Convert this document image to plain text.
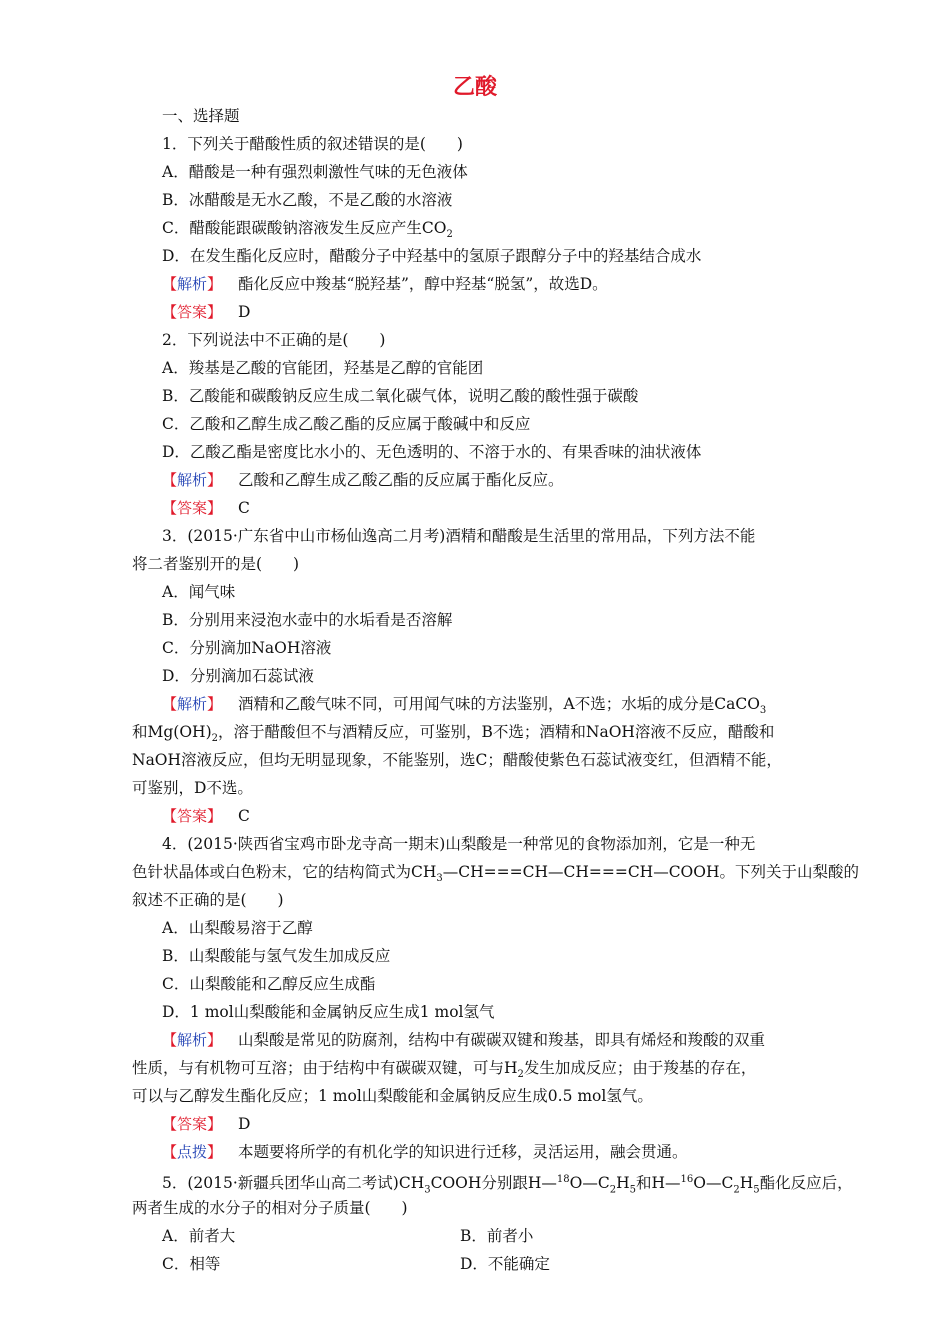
乙酸
一、选择题
1．下列关于醋酸性质的叙述错误的是(　　)
A．醋酸是一种有强烈刺激性气味的无色液体
B．冰醋酸是无水乙酸，不是乙酸的水溶液
C．醋酸能跟碳酸钠溶液发生反应产生$CO_2$
D．在发生酯化反应时，醋酸分子中羟基中的氢原子跟醇分子中的羟基结合成水
【解析】 酯化反应中羧基“脱羟基”，醇中羟基“脱氢”，故选D。
【答案】 D
2．下列说法中不正确的是(　　)
A．羧基是乙酸的官能团，羟基是乙醇的官能团
B．乙酸能和碳酸钠反应生成二氧化碳气体，说明乙酸的酸性强于碳酸
C．乙酸和乙醇生成乙酸乙酯的反应属于酸碱中和反应
D．乙酸乙酯是密度比水小的、无色透明的、不溶于水的、有果香味的油状液体
【解析】 乙酸和乙醇生成乙酸乙酯的反应属于酯化反应。
【答案】 C
3．(2015·广东省中山市杨仙逸高二月考)酒精和醋酸是生活里的常用品，下列方法不能
将二者鉴别开的是(　　)
A．闻气味
B．分别用来浸泡水壶中的水垢看是否溶解
C．分别滴加NaOH溶液
D．分别滴加石蕊试液
【解析】 酒精和乙酸气味不同，可用闻气味的方法鉴别，A不选；水垢的成分是CaCO$_3$
和$Mg(OH)_2$，溶于醋酸但不与酒精反应，可鉴别，B不选；酒精和NaOH溶液不反应，醋酸和
NaOH溶液反应，但均无明显现象，不能鉴别，选C；醋酸使紫色石蕊试液变红，但酒精不能，
可鉴别，D不选。
【答案】 C
4．(2015·陕西省宝鸡市卧龙寺高一期末)山梨酸是一种常见的食物添加剂，它是一种无
色针状晶体或白色粉末，它的结构简式为$CH_3—CH===CH—CH===CH—COOH$。下列关于山梨酸的
叙述不正确的是(　　)
A．山梨酸易溶于乙醇
B．山梨酸能与氢气发生加成反应
C．山梨酸能和乙醇反应生成酯
D．1 mol山梨酸能和金属钠反应生成1 mol氢气
【解析】 山梨酸是常见的防腐剂，结构中有碳碳双键和羧基，即具有烯烃和羧酸的双重
性质，与有机物可互溶；由于结构中有碳碳双键，可与$H_2$发生加成反应；由于羧基的存在，
可以与乙醇发生酯化反应；1 mol山梨酸能和金属钠反应生成0.5 mol氢气。
【答案】 D
【点拨】 本题要将所学的有机化学的知识进行迁移，灵活运用，融会贯通。
5．(2015·新疆兵团华山高二考试)$CH_3COOH$分别跟$H—^{18}O—C_2H_5$和$H—^{16}O—C_2H_5$酯化反应后，
两者生成的水分子的相对分子质量(　　)
A．前者大	B．前者小
C．相等	D．不能确定
